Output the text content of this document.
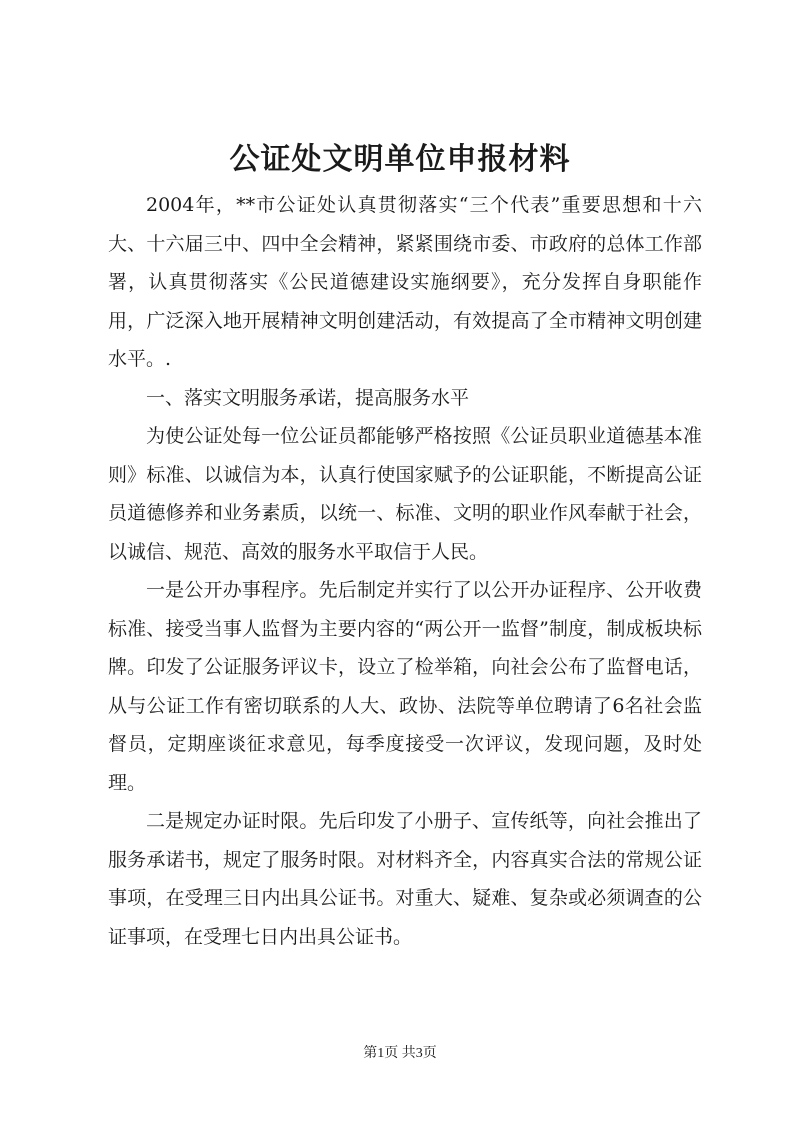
公证处文明单位申报材料

2004年，**市公证处认真贯彻落实“三个代表”重要思想和十六大、十六届三中、四中全会精神，紧紧围绕市委、市政府的总体工作部署，认真贯彻落实《公民道德建设实施纲要》，充分发挥自身职能作用，广泛深入地开展精神文明创建活动，有效提高了全市精神文明创建水平。.

一、落实文明服务承诺，提高服务水平

为使公证处每一位公证员都能够严格按照《公证员职业道德基本准则》标准、以诚信为本，认真行使国家赋予的公证职能，不断提高公证员道德修养和业务素质，以统一、标准、文明的职业作风奉献于社会，以诚信、规范、高效的服务水平取信于人民。

一是公开办事程序。先后制定并实行了以公开办证程序、公开收费标准、接受当事人监督为主要内容的“两公开一监督”制度，制成板块标牌。印发了公证服务评议卡，设立了检举箱，向社会公布了监督电话，从与公证工作有密切联系的人大、政协、法院等单位聘请了6名社会监督员，定期座谈征求意见，每季度接受一次评议，发现问题，及时处理。

二是规定办证时限。先后印发了小册子、宣传纸等，向社会推出了服务承诺书，规定了服务时限。对材料齐全，内容真实合法的常规公证事项，在受理三日内出具公证书。对重大、疑难、复杂或必须调查的公证事项，在受理七日内出具公证书。

第1页 共3页
